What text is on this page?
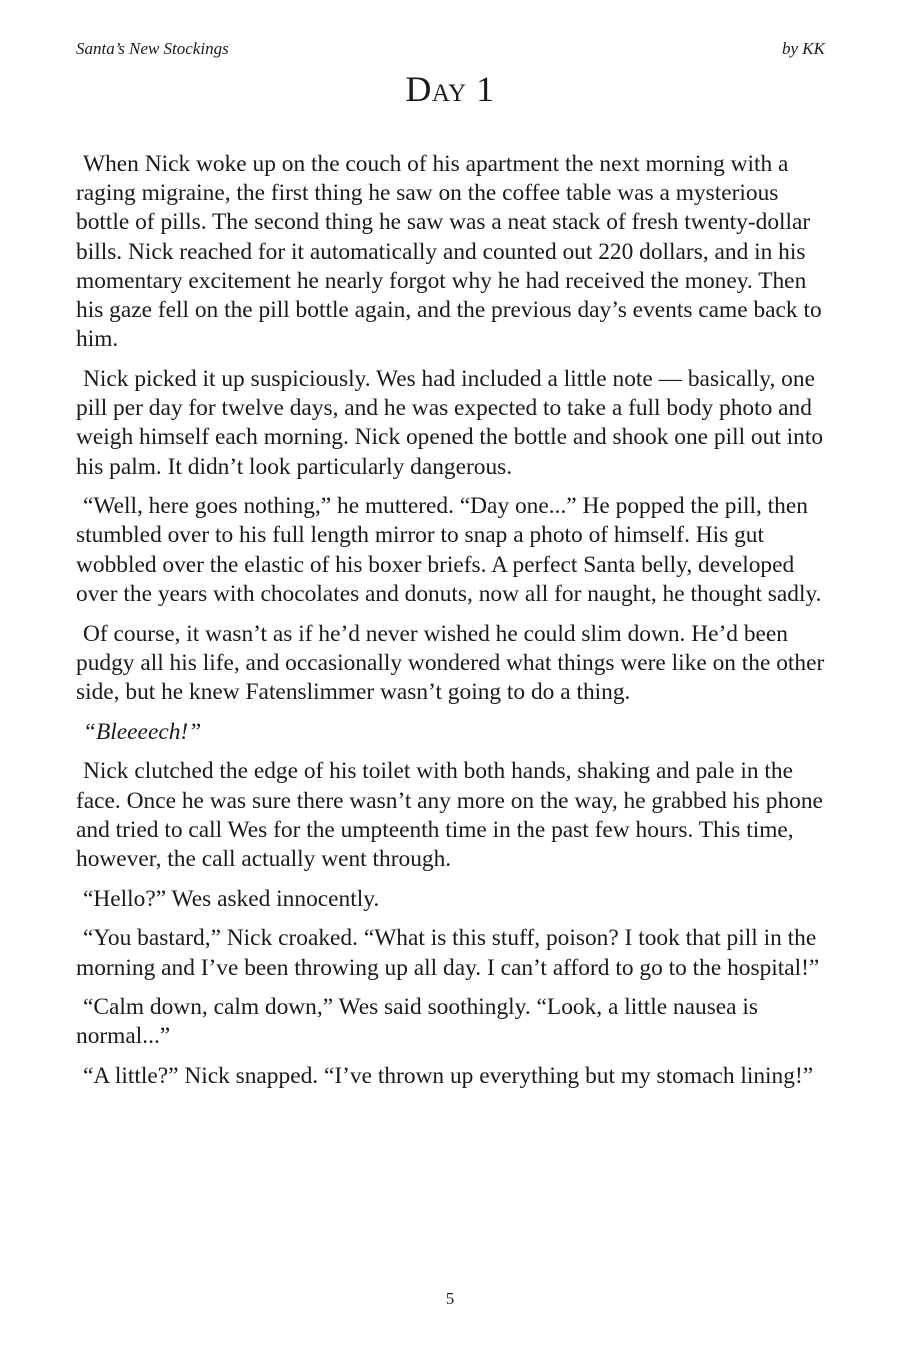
Santa’s New Stockings	by KK
Day 1

When Nick woke up on the couch of his apartment the next morning with a raging migraine, the first thing he saw on the coffee table was a mysterious bottle of pills. The second thing he saw was a neat stack of fresh twenty-dollar bills. Nick reached for it automatically and counted out 220 dollars, and in his momentary excitement he nearly forgot why he had received the money. Then his gaze fell on the pill bottle again, and the previous day’s events came back to him.

Nick picked it up suspiciously. Wes had included a little note — basically, one pill per day for twelve days, and he was expected to take a full body photo and weigh himself each morning. Nick opened the bottle and shook one pill out into his palm. It didn’t look particularly dangerous.

“Well, here goes nothing,” he muttered. “Day one...” He popped the pill, then stumbled over to his full length mirror to snap a photo of himself. His gut wobbled over the elastic of his boxer briefs. A perfect Santa belly, developed over the years with chocolates and donuts, now all for naught, he thought sadly.

Of course, it wasn’t as if he’d never wished he could slim down. He’d been pudgy all his life, and occasionally wondered what things were like on the other side, but he knew Fatenslimmer wasn’t going to do a thing.

“Bleeeech!”

Nick clutched the edge of his toilet with both hands, shaking and pale in the face. Once he was sure there wasn’t any more on the way, he grabbed his phone and tried to call Wes for the umpteenth time in the past few hours. This time, however, the call actually went through.

“Hello?” Wes asked innocently.

“You bastard,” Nick croaked. “What is this stuff, poison? I took that pill in the morning and I’ve been throwing up all day. I can’t afford to go to the hospital!”

“Calm down, calm down,” Wes said soothingly. “Look, a little nausea is normal...”

“A little?” Nick snapped. “I’ve thrown up everything but my stomach lining!”

5
